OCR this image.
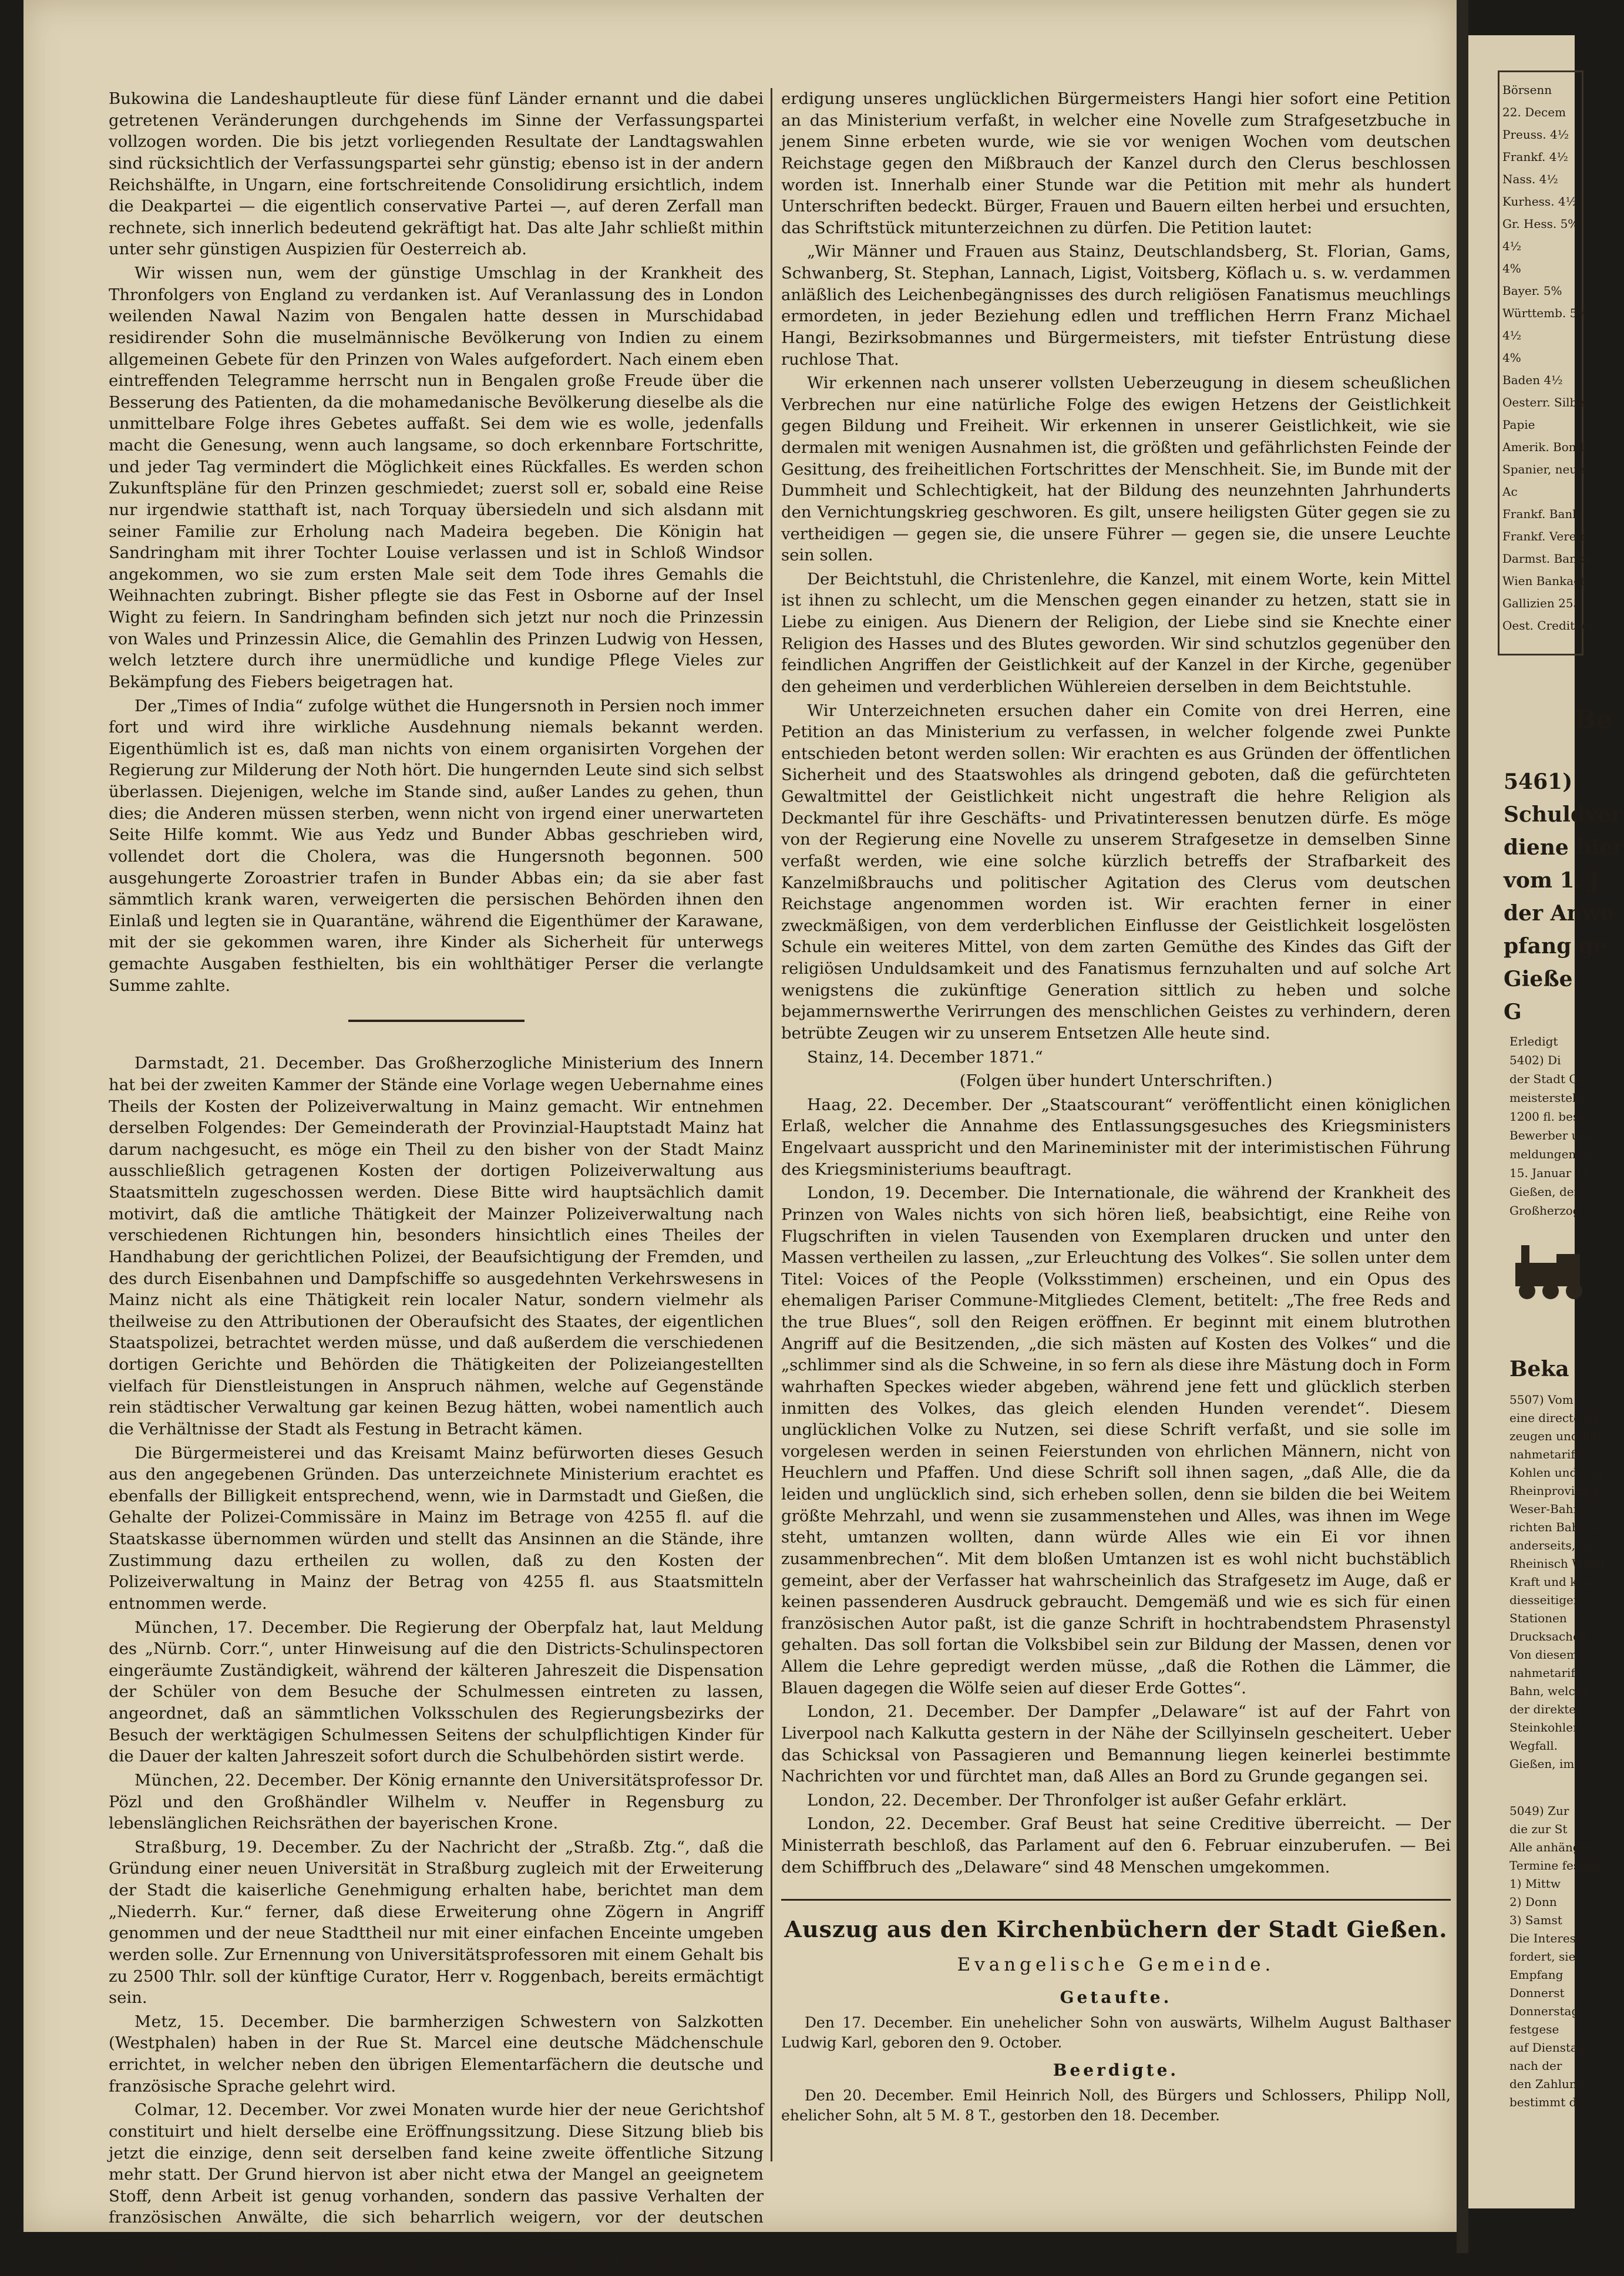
Bukowina die Landeshauptleute für diese fünf Länder ernannt und die dabei getretenen Veränderungen durchgehends im Sinne der Verfassungspartei vollzogen worden. Die bis jetzt vorliegenden Resultate der Landtagswahlen sind rücksichtlich der Verfassungspartei sehr günstig; ebenso ist in der andern Reichshälfte, in Ungarn, eine fortschreitende Consolidirung ersichtlich, indem die Deakpartei — die eigentlich conservative Partei —, auf deren Zerfall man rechnete, sich innerlich bedeutend gekräftigt hat. Das alte Jahr schließt mithin unter sehr günstigen Auspizien für Oesterreich ab.

Wir wissen nun, wem der günstige Umschlag in der Krankheit des Thronfolgers von England zu verdanken ist. Auf Veranlassung des in London weilenden Nawal Nazim von Bengalen hatte dessen in Murschidabad residirender Sohn die muselmännische Bevölkerung von Indien zu einem allgemeinen Gebete für den Prinzen von Wales aufgefordert. Nach einem eben eintreffenden Telegramme herrscht nun in Bengalen große Freude über die Besserung des Patienten, da die mohamedanische Bevölkerung dieselbe als die unmittelbare Folge ihres Gebetes auffaßt. Sei dem wie es wolle, jedenfalls macht die Genesung, wenn auch langsame, so doch erkennbare Fortschritte, und jeder Tag vermindert die Möglichkeit eines Rückfalles. Es werden schon Zukunftspläne für den Prinzen geschmiedet; zuerst soll er, sobald eine Reise nur irgendwie statthaft ist, nach Torquay übersiedeln und sich alsdann mit seiner Familie zur Erholung nach Madeira begeben. Die Königin hat Sandringham mit ihrer Tochter Louise verlassen und ist in Schloß Windsor angekommen, wo sie zum ersten Male seit dem Tode ihres Gemahls die Weihnachten zubringt. Bisher pflegte sie das Fest in Osborne auf der Insel Wight zu feiern. In Sandringham befinden sich jetzt nur noch die Prinzessin von Wales und Prinzessin Alice, die Gemahlin des Prinzen Ludwig von Hessen, welch letztere durch ihre unermüdliche und kundige Pflege Vieles zur Bekämpfung des Fiebers beigetragen hat.

Der „Times of India“ zufolge wüthet die Hungersnoth in Persien noch immer fort und wird ihre wirkliche Ausdehnung niemals bekannt werden. Eigenthümlich ist es, daß man nichts von einem organisirten Vorgehen der Regierung zur Milderung der Noth hört. Die hungernden Leute sind sich selbst überlassen. Diejenigen, welche im Stande sind, außer Landes zu gehen, thun dies; die Anderen müssen sterben, wenn nicht von irgend einer unerwarteten Seite Hilfe kommt. Wie aus Yedz und Bunder Abbas geschrieben wird, vollendet dort die Cholera, was die Hungersnoth begonnen. 500 ausgehungerte Zoroastrier trafen in Bunder Abbas ein; da sie aber fast sämmtlich krank waren, verweigerten die persischen Behörden ihnen den Einlaß und legten sie in Quarantäne, während die Eigenthümer der Karawane, mit der sie gekommen waren, ihre Kinder als Sicherheit für unterwegs gemachte Ausgaben festhielten, bis ein wohlthätiger Perser die verlangte Summe zahlte.

Darmstadt, 21. December. Das Großherzogliche Ministerium des Innern hat bei der zweiten Kammer der Stände eine Vorlage wegen Uebernahme eines Theils der Kosten der Polizeiverwaltung in Mainz gemacht. Wir entnehmen derselben Folgendes: Der Gemeinderath der Provinzial-Hauptstadt Mainz hat darum nachgesucht, es möge ein Theil zu den bisher von der Stadt Mainz ausschließlich getragenen Kosten der dortigen Polizeiverwaltung aus Staatsmitteln zugeschossen werden. Diese Bitte wird hauptsächlich damit motivirt, daß die amtliche Thätigkeit der Mainzer Polizeiverwaltung nach verschiedenen Richtungen hin, besonders hinsichtlich eines Theiles der Handhabung der gerichtlichen Polizei, der Beaufsichtigung der Fremden, und des durch Eisenbahnen und Dampfschiffe so ausgedehnten Verkehrswesens in Mainz nicht als eine Thätigkeit rein localer Natur, sondern vielmehr als theilweise zu den Attributionen der Oberaufsicht des Staates, der eigentlichen Staatspolizei, betrachtet werden müsse, und daß außerdem die verschiedenen dortigen Gerichte und Behörden die Thätigkeiten der Polizeiangestellten vielfach für Dienstleistungen in Anspruch nähmen, welche auf Gegenstände rein städtischer Verwaltung gar keinen Bezug hätten, wobei namentlich auch die Verhältnisse der Stadt als Festung in Betracht kämen.

Die Bürgermeisterei und das Kreisamt Mainz befürworten dieses Gesuch aus den angegebenen Gründen. Das unterzeichnete Ministerium erachtet es ebenfalls der Billigkeit entsprechend, wenn, wie in Darmstadt und Gießen, die Gehalte der Polizei-Commissäre in Mainz im Betrage von 4255 fl. auf die Staatskasse übernommen würden und stellt das Ansinnen an die Stände, ihre Zustimmung dazu ertheilen zu wollen, daß zu den Kosten der Polizeiverwaltung in Mainz der Betrag von 4255 fl. aus Staatsmitteln entnommen werde.

München, 17. December. Die Regierung der Oberpfalz hat, laut Meldung des „Nürnb. Corr.“, unter Hinweisung auf die den Districts-Schulinspectoren eingeräumte Zuständigkeit, während der kälteren Jahreszeit die Dispensation der Schüler von dem Besuche der Schulmessen eintreten zu lassen, angeordnet, daß an sämmtlichen Volksschulen des Regierungsbezirks der Besuch der werktägigen Schulmessen Seitens der schulpflichtigen Kinder für die Dauer der kalten Jahreszeit sofort durch die Schulbehörden sistirt werde.

München, 22. December. Der König ernannte den Universitätsprofessor Dr. Pözl und den Großhändler Wilhelm v. Neuffer in Regensburg zu lebenslänglichen Reichsräthen der bayerischen Krone.

Straßburg, 19. December. Zu der Nachricht der „Straßb. Ztg.“, daß die Gründung einer neuen Universität in Straßburg zugleich mit der Erweiterung der Stadt die kaiserliche Genehmigung erhalten habe, berichtet man dem „Niederrh. Kur.“ ferner, daß diese Erweiterung ohne Zögern in Angriff genommen und der neue Stadttheil nur mit einer einfachen Enceinte umgeben werden solle. Zur Ernennung von Universitätsprofessoren mit einem Gehalt bis zu 2500 Thlr. soll der künftige Curator, Herr v. Roggenbach, bereits ermächtigt sein.

Metz, 15. December. Die barmherzigen Schwestern von Salzkotten (Westphalen) haben in der Rue St. Marcel eine deutsche Mädchenschule errichtet, in welcher neben den übrigen Elementarfächern die deutsche und französische Sprache gelehrt wird.

Colmar, 12. December. Vor zwei Monaten wurde hier der neue Gerichtshof constituirt und hielt derselbe eine Eröffnungssitzung. Diese Sitzung blieb bis jetzt die einzige, denn seit derselben fand keine zweite öffentliche Sitzung mehr statt. Der Grund hiervon ist aber nicht etwa der Mangel an geeignetem Stoff, denn Arbeit ist genug vorhanden, sondern das passive Verhalten der französischen Anwälte, die sich beharrlich weigern, vor der deutschen Gerichtsbehörde öffentlich zu erscheinen und zu plaidiren.

Stainz, 48. December. Wie bereits mitgetheilt, wurde am Tage der Be-

erdigung unseres unglücklichen Bürgermeisters Hangi hier sofort eine Petition an das Ministerium verfaßt, in welcher eine Novelle zum Strafgesetzbuche in jenem Sinne erbeten wurde, wie sie vor wenigen Wochen vom deutschen Reichstage gegen den Mißbrauch der Kanzel durch den Clerus beschlossen worden ist. Innerhalb einer Stunde war die Petition mit mehr als hundert Unterschriften bedeckt. Bürger, Frauen und Bauern eilten herbei und ersuchten, das Schriftstück mitunterzeichnen zu dürfen. Die Petition lautet:

„Wir Männer und Frauen aus Stainz, Deutschlandsberg, St. Florian, Gams, Schwanberg, St. Stephan, Lannach, Ligist, Voitsberg, Köflach u. s. w. verdammen anläßlich des Leichenbegängnisses des durch religiösen Fanatismus meuchlings ermordeten, in jeder Beziehung edlen und trefflichen Herrn Franz Michael Hangi, Bezirksobmannes und Bürgermeisters, mit tiefster Entrüstung diese ruchlose That.

Wir erkennen nach unserer vollsten Ueberzeugung in diesem scheußlichen Verbrechen nur eine natürliche Folge des ewigen Hetzens der Geistlichkeit gegen Bildung und Freiheit. Wir erkennen in unserer Geistlichkeit, wie sie dermalen mit wenigen Ausnahmen ist, die größten und gefährlichsten Feinde der Gesittung, des freiheitlichen Fortschrittes der Menschheit. Sie, im Bunde mit der Dummheit und Schlechtigkeit, hat der Bildung des neunzehnten Jahrhunderts den Vernichtungskrieg geschworen. Es gilt, unsere heiligsten Güter gegen sie zu vertheidigen — gegen sie, die unsere Führer — gegen sie, die unsere Leuchte sein sollen.

Der Beichtstuhl, die Christenlehre, die Kanzel, mit einem Worte, kein Mittel ist ihnen zu schlecht, um die Menschen gegen einander zu hetzen, statt sie in Liebe zu einigen. Aus Dienern der Religion, der Liebe sind sie Knechte einer Religion des Hasses und des Blutes geworden. Wir sind schutzlos gegenüber den feindlichen Angriffen der Geistlichkeit auf der Kanzel in der Kirche, gegenüber den geheimen und verderblichen Wühlereien derselben in dem Beichtstuhle.

Wir Unterzeichneten ersuchen daher ein Comite von drei Herren, eine Petition an das Ministerium zu verfassen, in welcher folgende zwei Punkte entschieden betont werden sollen: Wir erachten es aus Gründen der öffentlichen Sicherheit und des Staatswohles als dringend geboten, daß die gefürchteten Gewaltmittel der Geistlichkeit nicht ungestraft die hehre Religion als Deckmantel für ihre Geschäfts- und Privatinteressen benutzen dürfe. Es möge von der Regierung eine Novelle zu unserem Strafgesetze in demselben Sinne verfaßt werden, wie eine solche kürzlich betreffs der Strafbarkeit des Kanzelmißbrauchs und politischer Agitation des Clerus vom deutschen Reichstage angenommen worden ist. Wir erachten ferner in einer zweckmäßigen, von dem verderblichen Einflusse der Geistlichkeit losgelösten Schule ein weiteres Mittel, von dem zarten Gemüthe des Kindes das Gift der religiösen Unduldsamkeit und des Fanatismus fernzuhalten und auf solche Art wenigstens die zukünftige Generation sittlich zu heben und solche bejammernswerthe Verirrungen des menschlichen Geistes zu verhindern, deren betrübte Zeugen wir zu unserem Entsetzen Alle heute sind.

Stainz, 14. December 1871.“

(Folgen über hundert Unterschriften.)

Haag, 22. December. Der „Staatscourant“ veröffentlicht einen königlichen Erlaß, welcher die Annahme des Entlassungsgesuches des Kriegsministers Engelvaart ausspricht und den Marineminister mit der interimistischen Führung des Kriegsministeriums beauftragt.

London, 19. December. Die Internationale, die während der Krankheit des Prinzen von Wales nichts von sich hören ließ, beabsichtigt, eine Reihe von Flugschriften in vielen Tausenden von Exemplaren drucken und unter den Massen vertheilen zu lassen, „zur Erleuchtung des Volkes“. Sie sollen unter dem Titel: Voices of the People (Volksstimmen) erscheinen, und ein Opus des ehemaligen Pariser Commune-Mitgliedes Clement, betitelt: „The free Reds and the true Blues“, soll den Reigen eröffnen. Er beginnt mit einem blutrothen Angriff auf die Besitzenden, „die sich mästen auf Kosten des Volkes“ und die „schlimmer sind als die Schweine, in so fern als diese ihre Mästung doch in Form wahrhaften Speckes wieder abgeben, während jene fett und glücklich sterben inmitten des Volkes, das gleich elenden Hunden verendet“. Diesem unglücklichen Volke zu Nutzen, sei diese Schrift verfaßt, und sie solle im vorgelesen werden in seinen Feierstunden von ehrlichen Männern, nicht von Heuchlern und Pfaffen. Und diese Schrift soll ihnen sagen, „daß Alle, die da leiden und unglücklich sind, sich erheben sollen, denn sie bilden die bei Weitem größte Mehrzahl, und wenn sie zusammenstehen und Alles, was ihnen im Wege steht, umtanzen wollten, dann würde Alles wie ein Ei vor ihnen zusammenbrechen“. Mit dem bloßen Umtanzen ist es wohl nicht buchstäblich gemeint, aber der Verfasser hat wahrscheinlich das Strafgesetz im Auge, daß er keinen passenderen Ausdruck gebraucht. Demgemäß und wie es sich für einen französischen Autor paßt, ist die ganze Schrift in hochtrabendstem Phrasenstyl gehalten. Das soll fortan die Volksbibel sein zur Bildung der Massen, denen vor Allem die Lehre gepredigt werden müsse, „daß die Rothen die Lämmer, die Blauen dagegen die Wölfe seien auf dieser Erde Gottes“.

London, 21. December. Der Dampfer „Delaware“ ist auf der Fahrt von Liverpool nach Kalkutta gestern in der Nähe der Scillyinseln gescheitert. Ueber das Schicksal von Passagieren und Bemannung liegen keinerlei bestimmte Nachrichten vor und fürchtet man, daß Alles an Bord zu Grunde gegangen sei.

London, 22. December. Der Thronfolger ist außer Gefahr erklärt.

London, 22. December. Graf Beust hat seine Creditive überreicht. — Der Ministerrath beschloß, das Parlament auf den 6. Februar einzuberufen. — Bei dem Schiffbruch des „Delaware“ sind 48 Menschen umgekommen.

Auszug aus den Kirchenbüchern der Stadt Gießen.
Evangelische Gemeinde.
Getaufte.

Den 17. December. Ein unehelicher Sohn von auswärts, Wilhelm August Balthaser Ludwig Karl, geboren den 9. October.

Beerdigte.

Den 20. December. Emil Heinrich Noll, des Bürgers und Schlossers, Philipp Noll, ehelicher Sohn, alt 5 M. 8 T., gestorben den 18. December.

Börsenn
22. Decem
Preuss. 4½
Frankf. 4½
Nass. 4½
Kurhess. 4½
Gr. Hess. 5%
4½
4%
Bayer. 5%
Württemb. 5%
4½
4%
Baden 4½
Oesterr. Silbe
Papie
Amerik. Bonds
Spanier, neue
Ac
Frankf. Bank
Frankf. Verein
Darmst. Banka
Wien Bankact
Gallizien 255
Oest. Creditact
Be
5461)
Schuldver
diene hier
vom 1. J
der Anwe
pfang ge
Gieße
G
Erledigt
5402) Di
der Stadt Gi
meisterstelle
1200 fl. beset
Bewerber um
meldungen mi
15. Januar 18
Gießen, den
Großherzog
Beka
5507) Vom
eine directe Bef
zeugen und lebe
nahmetarif für
Kohlen und Kok
Rheinprovinz u
Weser-Bahn,
richten Bahn u
anderseits, in
Rheinisch Westf
Kraft und kön
diesseitigen
Stationen
Drucksachen
Von diesem
nahmetarif
Bahn, welche
der direkte
Steinkohlen
Wegfall.
Gießen, im
5049) Zur
die zur St
Alle anhängig
Termine festge
1) Mittw
2) Donn
3) Samst
Die Interess
fordert, sie
Empfang
Donnerst
Donnerstag
festgese
auf Dienstag
nach der
den Zahlung
bestimmt da
